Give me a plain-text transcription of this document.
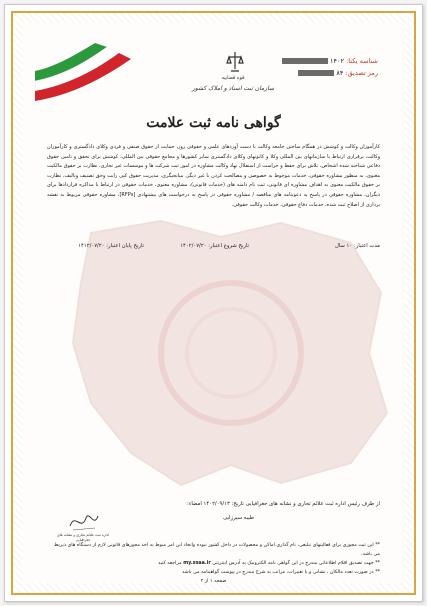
قوه قضاییه
سازمان ثبت اسناد و املاک کشور
شناسه یکتا: ۱۴۰۲
رمز تصدیق: ۸۴
گواهی نامه ثبت علامت
کارآموزان وکالت و کوشش در همگام ساختن جامعه وکالت با دست آوردهای علمی و حقوقی روز، حمایت از حقوق صنفی و فردی وکلای دادگستری و کارآموزان وکالت، برقراری ارتباط با سازمانهای بین المللی وکلا و کانونهای وکلای دادگستری سایر کشورها و مجامع حقوقی بین المللی، کوشش برای تحقق و تامین حقوق دفاعی شناخته شده اشخاص، تلاش برای حفظ و حراست از استقلال نهاد وکالت مشاوره در امور ثبت شرکت ها و موسسات غیر تجاری، نظارت بر حقوق مالکیت معنوی، به منظور مشاوره حقوقی، خدمات موجوط به خصوصی و مصالحت کردن با غیر دیگر، میانجیگری، مدیریت حقوق کپی رایت وحق تصنیف وتالیف، نظارت بر حقوق مالکیت معنوی به اهداف مشاوره ای قانونی، ثبت نام دامنه های (خدمات قانونی)، مشاوره معنوی، خدمات حقوقی در ارتباط با مذاکره قراردادها برای دیگران، مشاوره حقوقی در پاسخ به دعوتنامه های مناقصه / مشاوره حقوقی در پاسخ به درخواست های پیشنهادی [RFPs]، مشاوره حقوقی مربوط به تقشه برداری از اصلاح ثبت شده، خدمات دفاع حقوقی، خدمات وکالت حقوقی.
مدت اعتبار: ۱۰ سال
تاریخ شروع اعتبار: ۱۴۰۲/۰۷/۲۰
تاریخ پایان اعتبار: ۱۴۱۲/۰۷/۲۰
از طرف رئیس اداره ثبت علائم تجاری و نشانه های جغرافیایی تاریخ: ۱۴۰۲/۰۹/۱۳ امضاء:
طیبه سیرزایی
اداره ثبت علائم تجاری و نشانه های جغرافیایی
** این ثبت مجوزی برای فعالیتهای تبلیغی، نام گذاری اماکن و محصولات در داخل کشور نبوده واتخاذ این امر منوط به اخذ مجوزهای قانونی لازم از دستگاه های ذیربط می باشد.
** جهت تصدیق اقلام اطلاعاتی مندرج در این گواهی نامه الکترونیک به آدرس اینترنتی my.ssaa.ir مراجعه کنید
** در صورت تعدد مالکان ، نشانی و یا تغییرات، مراتب به شرح مندرج در پیوست گواهینامه می باشد
صفحه ۱ از ۲
